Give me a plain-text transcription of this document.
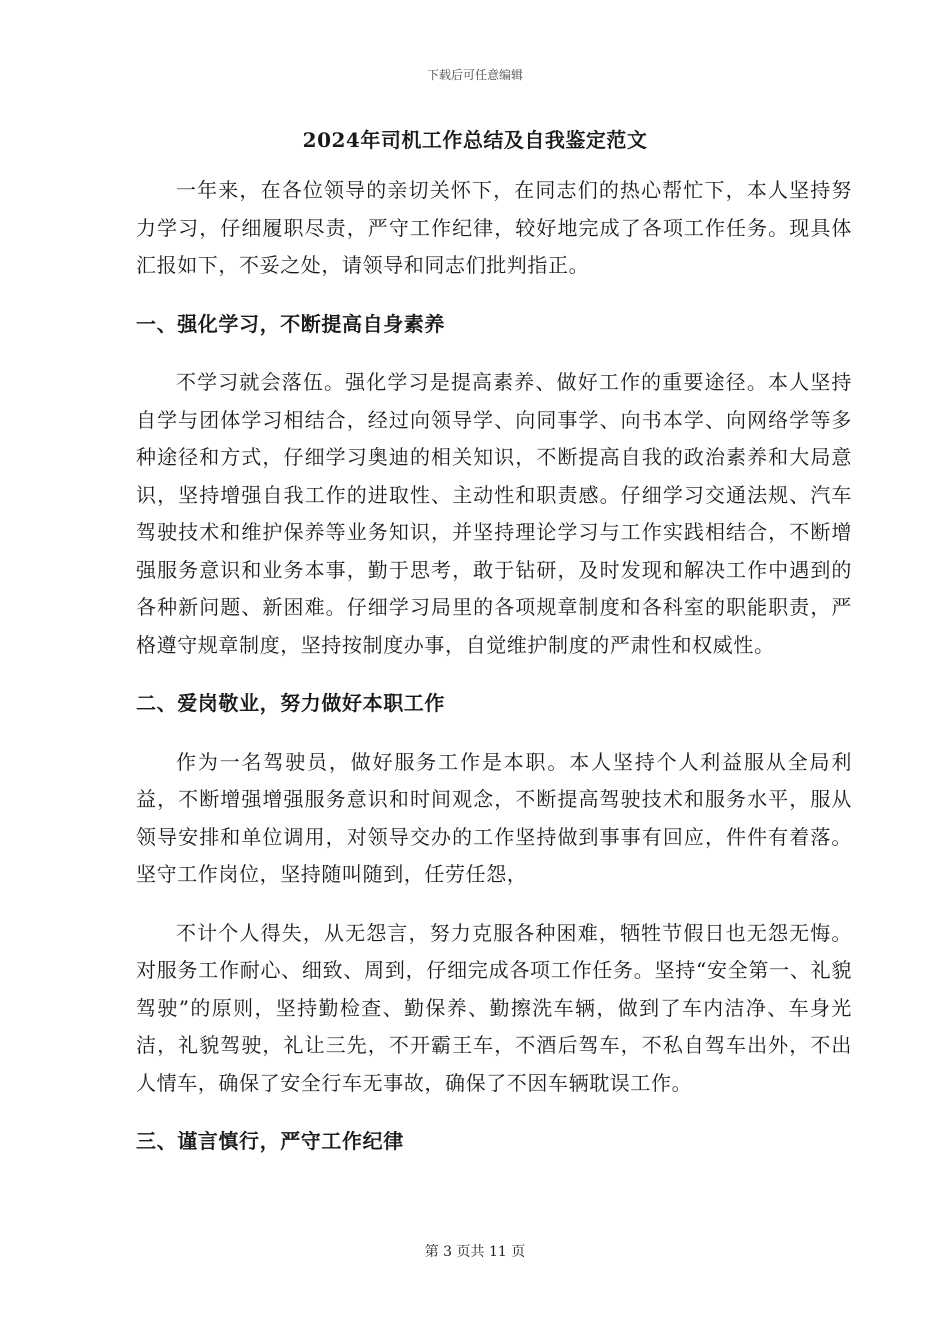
下载后可任意编辑
2024年司机工作总结及自我鉴定范文

一年来，在各位领导的亲切关怀下，在同志们的热心帮忙下，本人坚持努力学习，仔细履职尽责，严守工作纪律，较好地完成了各项工作任务。现具体汇报如下，不妥之处，请领导和同志们批判指正。

一、强化学习，不断提高自身素养

不学习就会落伍。强化学习是提高素养、做好工作的重要途径。本人坚持自学与团体学习相结合，经过向领导学、向同事学、向书本学、向网络学等多种途径和方式，仔细学习奥迪的相关知识，不断提高自我的政治素养和大局意识，坚持增强自我工作的进取性、主动性和职责感。仔细学习交通法规、汽车驾驶技术和维护保养等业务知识，并坚持理论学习与工作实践相结合，不断增强服务意识和业务本事，勤于思考，敢于钻研，及时发现和解决工作中遇到的各种新问题、新困难。仔细学习局里的各项规章制度和各科室的职能职责，严格遵守规章制度，坚持按制度办事，自觉维护制度的严肃性和权威性。

二、爱岗敬业，努力做好本职工作

作为一名驾驶员，做好服务工作是本职。本人坚持个人利益服从全局利益，不断增强增强服务意识和时间观念，不断提高驾驶技术和服务水平，服从领导安排和单位调用，对领导交办的工作坚持做到事事有回应，件件有着落。坚守工作岗位，坚持随叫随到，任劳任怨，

不计个人得失，从无怨言，努力克服各种困难，牺牲节假日也无怨无悔。对服务工作耐心、细致、周到，仔细完成各项工作任务。坚持“安全第一、礼貌驾驶”的原则，坚持勤检查、勤保养、勤擦洗车辆，做到了车内洁净、车身光洁，礼貌驾驶，礼让三先，不开霸王车，不酒后驾车，不私自驾车出外，不出人情车，确保了安全行车无事故，确保了不因车辆耽误工作。

三、谨言慎行，严守工作纪律

第 3 页共 11 页
